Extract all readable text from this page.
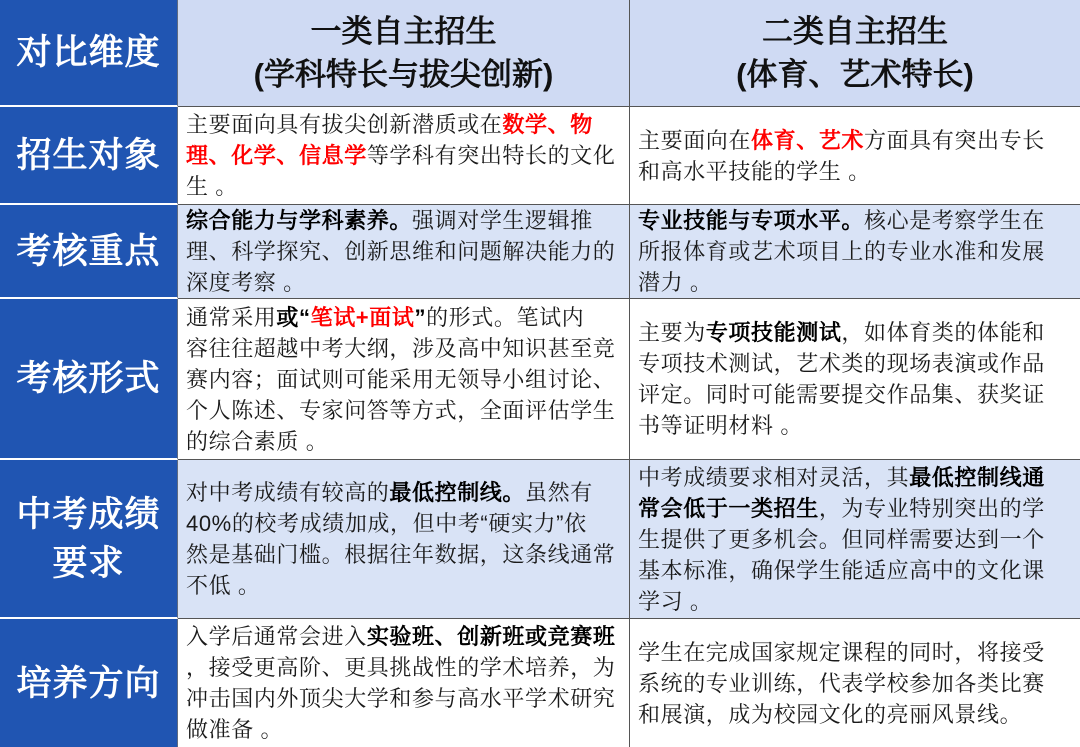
对比维度
一类自主招生
(学科特长与拔尖创新)
二类自主招生
(体育、艺术特长)
招生对象
主要面向具有拔尖创新潜质或在数学、物
理、化学、信息学等学科有突出特长的文化
生 。
主要面向在体育、艺术方面具有突出专长
和高水平技能的学生 。
考核重点
综合能力与学科素养。强调对学生逻辑推
理、科学探究、创新思维和问题解决能力的
深度考察 。
专业技能与专项水平。核心是考察学生在
所报体育或艺术项目上的专业水准和发展
潜力 。
考核形式
通常采用或“笔试+面试”的形式。笔试内
容往往超越中考大纲，涉及高中知识甚至竞
赛内容；面试则可能采用无领导小组讨论、
个人陈述、专家问答等方式，全面评估学生
的综合素质 。
主要为专项技能测试，如体育类的体能和
专项技术测试，艺术类的现场表演或作品
评定。同时可能需要提交作品集、获奖证
书等证明材料 。
中考成绩
要求
对中考成绩有较高的最低控制线。虽然有
40%的校考成绩加成，但中考“硬实力”依
然是基础门槛。根据往年数据，这条线通常
不低 。
中考成绩要求相对灵活，其最低控制线通
常会低于一类招生，为专业特别突出的学
生提供了更多机会。但同样需要达到一个
基本标准，确保学生能适应高中的文化课
学习 。
培养方向
入学后通常会进入实验班、创新班或竞赛班
，接受更高阶、更具挑战性的学术培养，为
冲击国内外顶尖大学和参与高水平学术研究
做准备 。
学生在完成国家规定课程的同时，将接受
系统的专业训练，代表学校参加各类比赛
和展演，成为校园文化的亮丽风景线。
